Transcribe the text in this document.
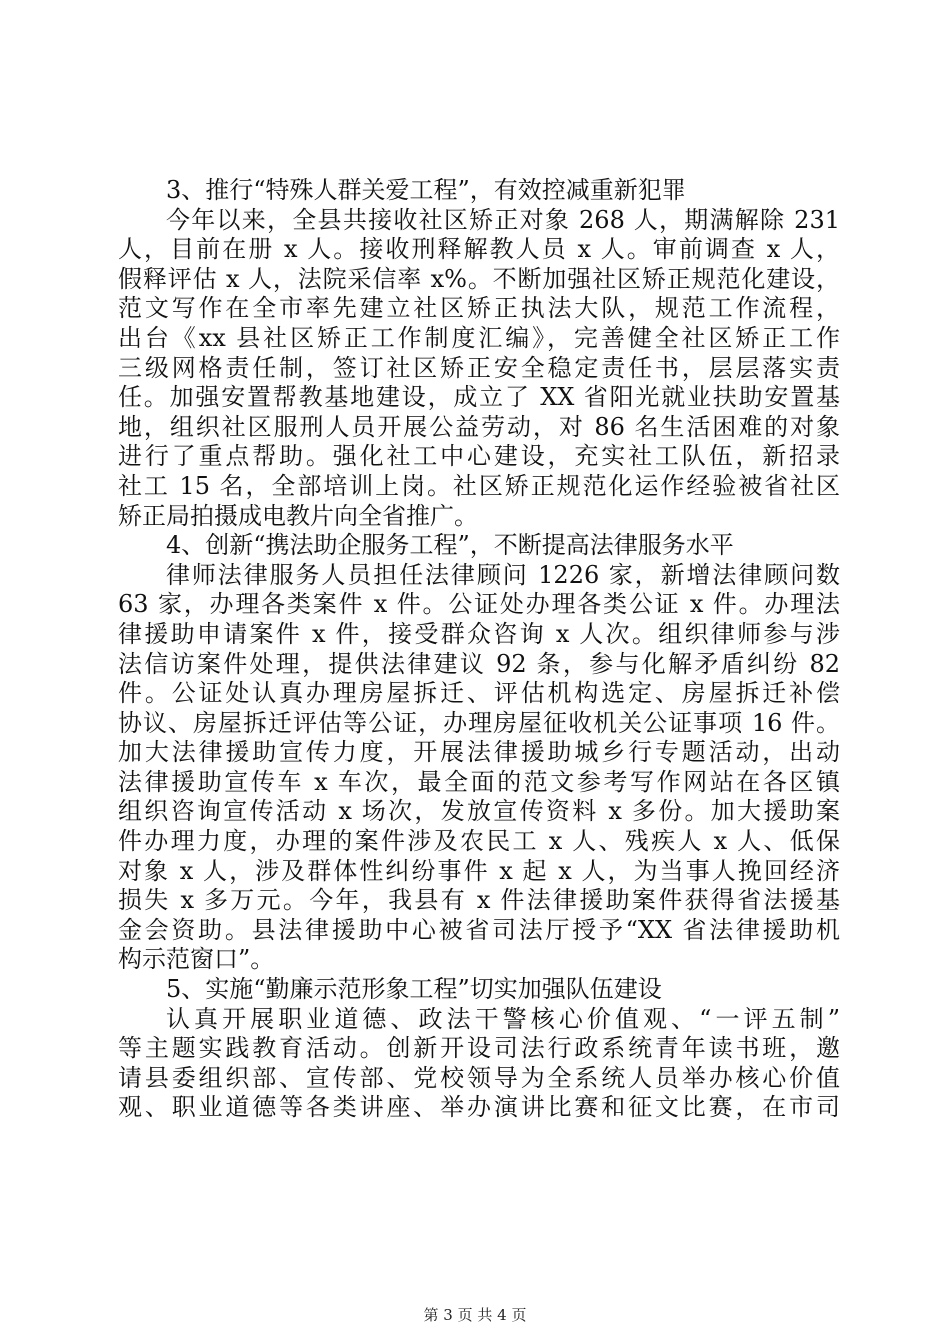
3、推行“特殊人群关爱工程”，有效控减重新犯罪
今年以来，全县共接收社区矫正对象 268 人，期满解除 231
人，目前在册 x 人。接收刑释解教人员 x 人。审前调查 x 人，
假释评估 x 人，法院采信率 x%。不断加强社区矫正规范化建设，
范文写作在全市率先建立社区矫正执法大队，规范工作流程，
出台《xx 县社区矫正工作制度汇编》，完善健全社区矫正工作
三级网格责任制，签订社区矫正安全稳定责任书，层层落实责
任。加强安置帮教基地建设，成立了 XX 省阳光就业扶助安置基
地，组织社区服刑人员开展公益劳动，对 86 名生活困难的对象
进行了重点帮助。强化社工中心建设，充实社工队伍，新招录
社工 15 名，全部培训上岗。社区矫正规范化运作经验被省社区
矫正局拍摄成电教片向全省推广。
4、创新“携法助企服务工程”，不断提高法律服务水平
律师法律服务人员担任法律顾问 1226 家，新增法律顾问数
63 家，办理各类案件 x 件。公证处办理各类公证 x 件。办理法
律援助申请案件 x 件，接受群众咨询 x 人次。组织律师参与涉
法信访案件处理，提供法律建议 92 条，参与化解矛盾纠纷 82
件。公证处认真办理房屋拆迁、评估机构选定、房屋拆迁补偿
协议、房屋拆迁评估等公证，办理房屋征收机关公证事项 16 件。
加大法律援助宣传力度，开展法律援助城乡行专题活动，出动
法律援助宣传车 x 车次，最全面的范文参考写作网站在各区镇
组织咨询宣传活动 x 场次，发放宣传资料 x 多份。加大援助案
件办理力度，办理的案件涉及农民工 x 人、残疾人 x 人、低保
对象 x 人，涉及群体性纠纷事件 x 起 x 人，为当事人挽回经济
损失 x 多万元。今年，我县有 x 件法律援助案件获得省法援基
金会资助。县法律援助中心被省司法厅授予“XX 省法律援助机
构示范窗口”。
5、实施“勤廉示范形象工程”切实加强队伍建设
认真开展职业道德、政法干警核心价值观、“一评五制”
等主题实践教育活动。创新开设司法行政系统青年读书班，邀
请县委组织部、宣传部、党校领导为全系统人员举办核心价值
观、职业道德等各类讲座、举办演讲比赛和征文比赛，在市司
第 3 页 共 4 页
